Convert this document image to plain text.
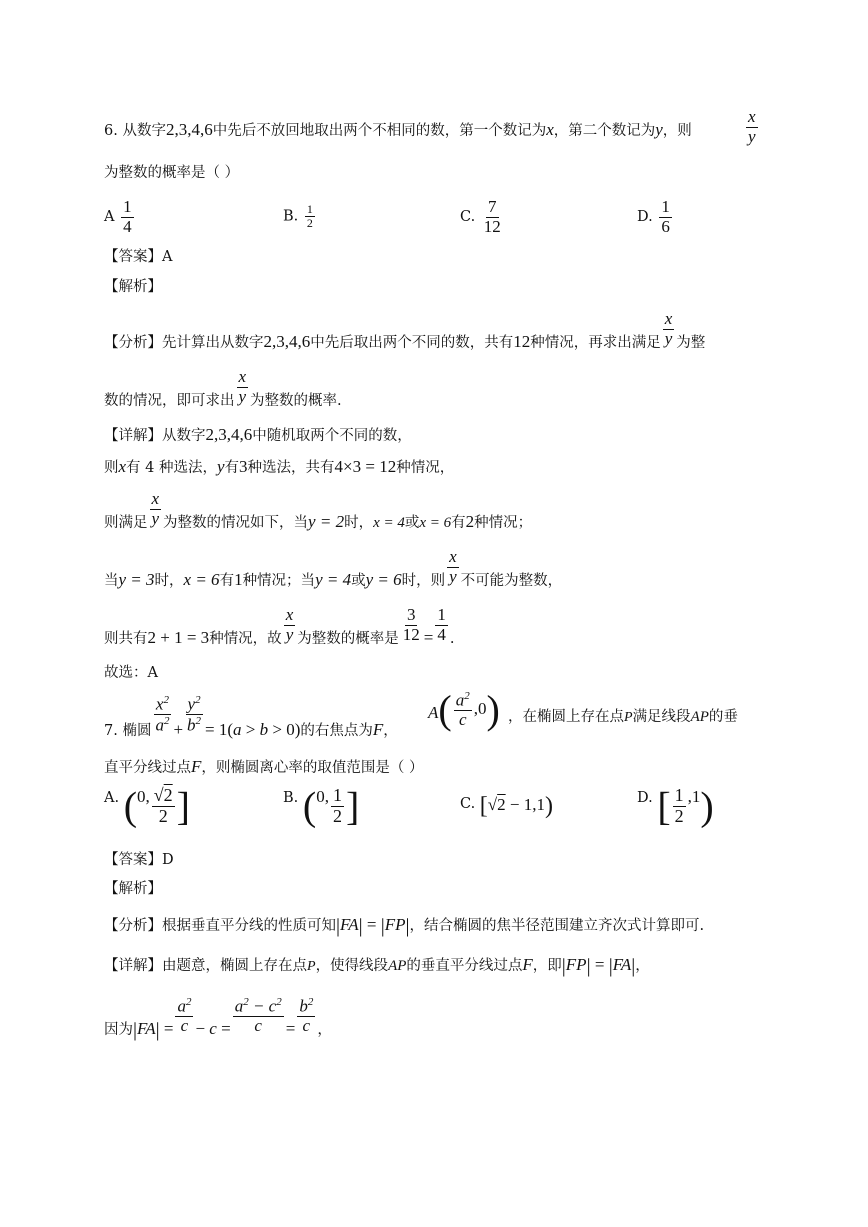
6. 从数字2,3,4,6中先后不放回地取出两个不相同的数，第一个数记为x，第二个数记为y，则	$\frac{x}{y}$
为整数的概率是（ ）
A $\frac{1}{4}$	B. $\frac{1}{2}$	C. $\frac{7}{12}$	D. $\frac{1}{6}$
【答案】A
【解析】
【分析】先计算出从数字2,3,4,6中先后取出两个不同的数，共有12种情况，再求出满足 $\frac{x}{y}$ 为整
数的情况，即可求出 $\frac{x}{y}$ 为整数的概率.
【详解】从数字2,3,4,6中随机取两个不同的数，
则x有 4 种选法，y有3种选法，共有4×3 = 12种情况，
则满足 $\frac{x}{y}$ 为整数的情况如下，当y = 2时，x = 4或x = 6有2种情况；
当y = 3时，x = 6有1种情况；当y = 4或y = 6时，则 $\frac{x}{y}$ 不可能为整数，
则共有2 + 1 = 3种情况，故 $\frac{x}{y}$ 为整数的概率是 $\frac{3}{12} = \frac{1}{4}$ .
故选：A
7. 椭圆 $\frac{x^2}{a^2} + \frac{y^2}{b^2} = 1(a > b > 0)$的右焦点为F，
$A( \frac{a^2}{c} ,0)$ ，在椭圆上存在点P满足线段AP的垂
直平分线过点F，则椭圆离心率的取值范围是（ ）
A. (0, $\frac{√2}{2}$ ]	B. (0, $\frac{1}{2}$ ]	C. [√2 − 1,1)	D. [ $\frac{1}{2} ,1$)
【答案】D
【解析】
【分析】根据垂直平分线的性质可知|FA| = |FP|，结合椭圆的焦半径范围建立齐次式计算即可.
【详解】由题意，椭圆上存在点P，使得线段AP的垂直平分线过点F，即|FP| = |FA|，
因为$|FA| = \frac{a^2}{c} - c = \frac{a^2 - c^2}{c} = \frac{b^2}{c}$ ，
